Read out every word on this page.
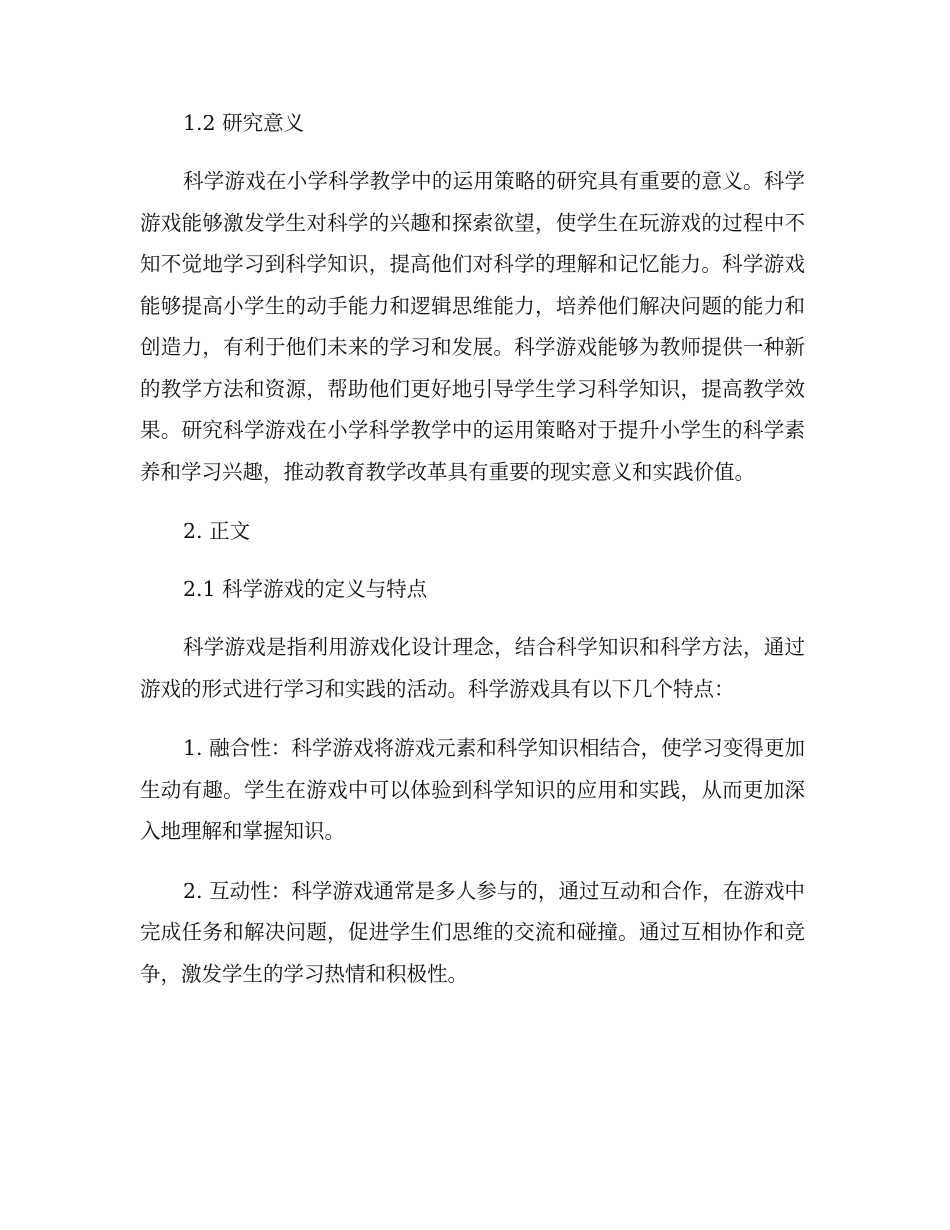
1.2 研究意义

科学游戏在小学科学教学中的运用策略的研究具有重要的意义。科学游戏能够激发学生对科学的兴趣和探索欲望，使学生在玩游戏的过程中不知不觉地学习到科学知识，提高他们对科学的理解和记忆能力。科学游戏能够提高小学生的动手能力和逻辑思维能力，培养他们解决问题的能力和创造力，有利于他们未来的学习和发展。科学游戏能够为教师提供一种新的教学方法和资源，帮助他们更好地引导学生学习科学知识，提高教学效果。研究科学游戏在小学科学教学中的运用策略对于提升小学生的科学素养和学习兴趣，推动教育教学改革具有重要的现实意义和实践价值。

2. 正文

2.1 科学游戏的定义与特点

科学游戏是指利用游戏化设计理念，结合科学知识和科学方法，通过游戏的形式进行学习和实践的活动。科学游戏具有以下几个特点：

1. 融合性：科学游戏将游戏元素和科学知识相结合，使学习变得更加生动有趣。学生在游戏中可以体验到科学知识的应用和实践，从而更加深入地理解和掌握知识。

2. 互动性：科学游戏通常是多人参与的，通过互动和合作，在游戏中完成任务和解决问题，促进学生们思维的交流和碰撞。通过互相协作和竞争，激发学生的学习热情和积极性。
